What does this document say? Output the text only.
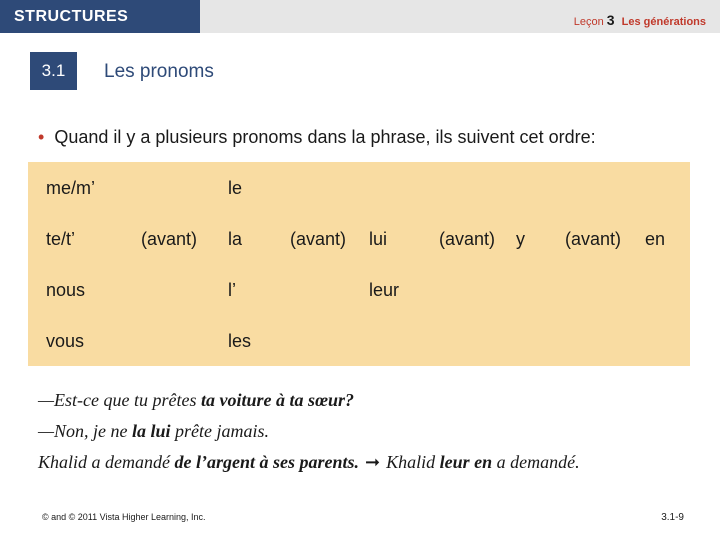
STRUCTURES	Leçon 3 Les générations
3.1 Les pronoms
• Quand il y a plusieurs pronoms dans la phrase, ils suivent cet ordre:
me/m’
te/t’
nous
vous
(avant)
le
la
l’
les
(avant) lui
leur
(avant) y (avant) en
—Est-ce que tu prêtes ta voiture à ta sœur?
—Non, je ne la lui prête jamais.
Khalid a demandé de l’argent à ses parents. ➞ Khalid leur en a demandé.
© and © 2011 Vista Higher Learning, Inc.	3.1-9
